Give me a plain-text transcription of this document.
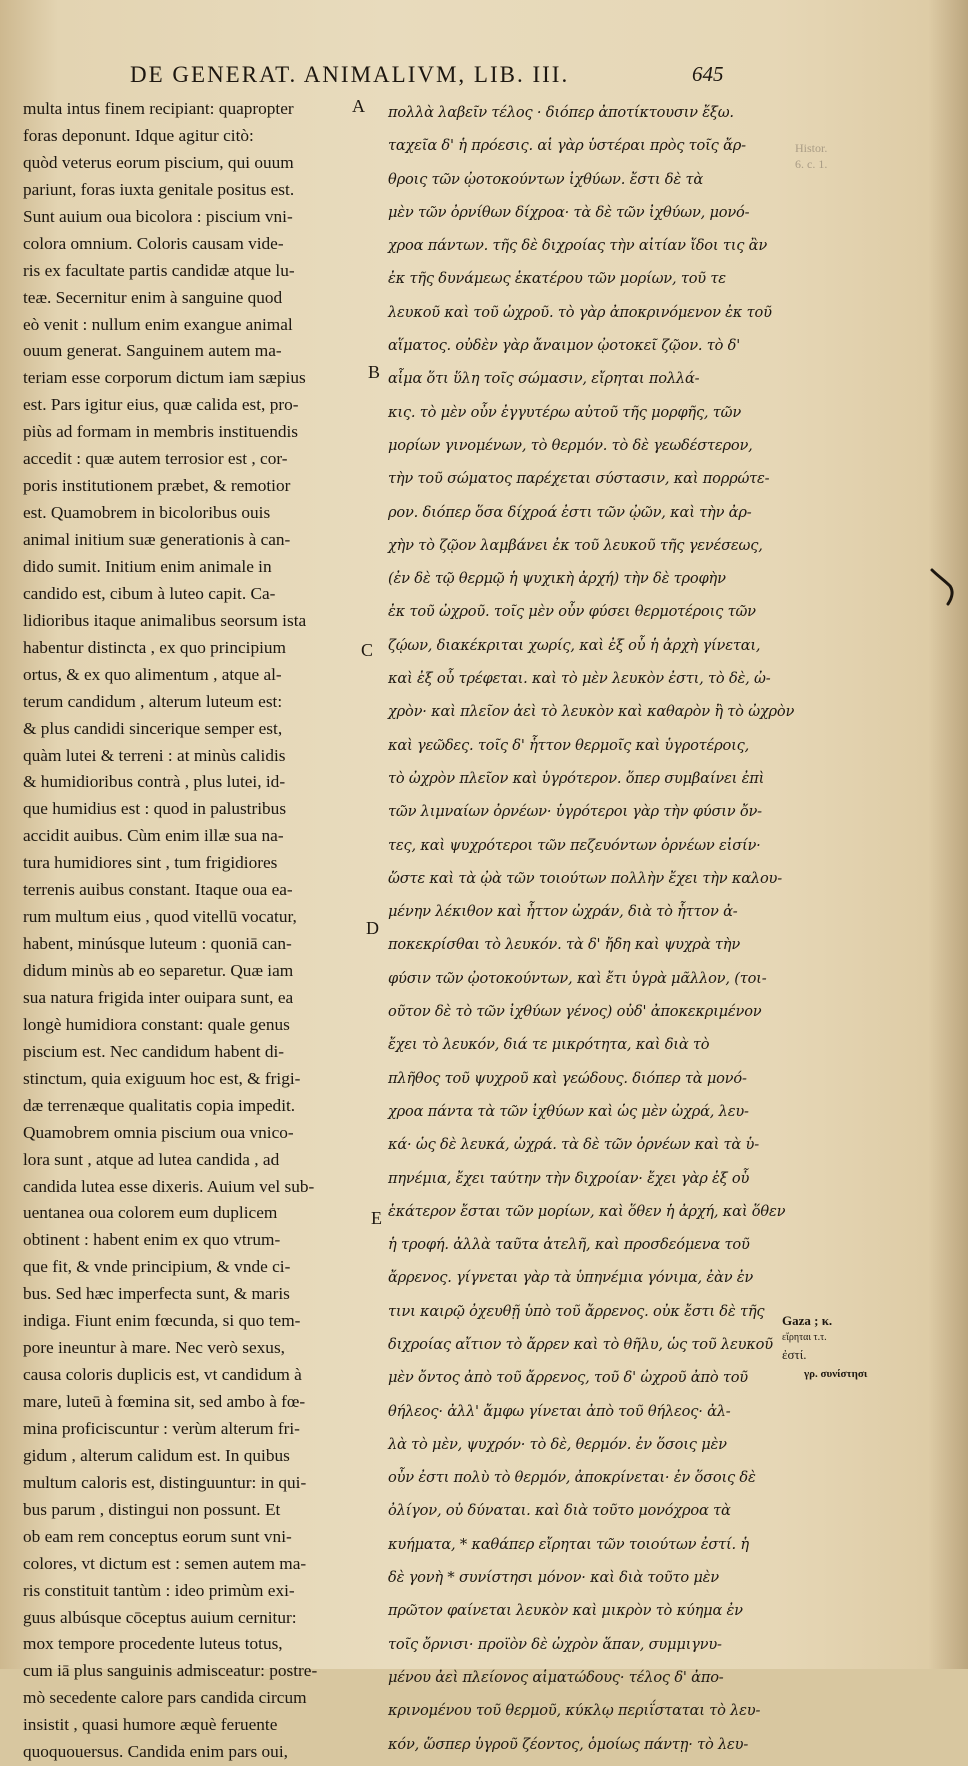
DE GENERAT. ANIMALIVM, LIB. III.	645
multa intus finem recipiant: quapropter
foras deponunt. Idque agitur citò:
quòd veterus eorum piscium, qui ouum
pariunt, foras iuxta genitale positus est.
Sunt auium oua bicolora : piscium vni-
colora omnium. Coloris causam vide-
ris ex facultate partis candidæ atque lu-
teæ. Secernitur enim à sanguine quod
eò venit : nullum enim exangue animal
ouum generat. Sanguinem autem ma-
teriam esse corporum dictum iam sæpius
est. Pars igitur eius, quæ calida est, pro-
piùs ad formam in membris instituendis
accedit : quæ autem terrosior est , cor-
poris institutionem præbet, & remotior
est. Quamobrem in bicoloribus ouis
animal initium suæ generationis à can-
dido sumit. Initium enim animale in
candido est, cibum à luteo capit. Ca-
lidioribus itaque animalibus seorsum ista
habentur distincta , ex quo principium
ortus, & ex quo alimentum , atque al-
terum candidum , alterum luteum est:
& plus candidi sincerique semper est,
quàm lutei & terreni : at minùs calidis
& humidioribus contrà , plus lutei, id-
que humidius est : quod in palustribus
accidit auibus. Cùm enim illæ sua na-
tura humidiores sint , tum frigidiores
terrenis auibus constant. Itaque oua ea-
rum multum eius , quod vitellū vocatur,
habent, minúsque luteum : quoniā can-
didum minùs ab eo separetur. Quæ iam
sua natura frigida inter ouipara sunt, ea
longè humidiora constant: quale genus
piscium est. Nec candidum habent di-
stinctum, quia exiguum hoc est, & frigi-
dæ terrenæque qualitatis copia impedit.
Quamobrem omnia piscium oua vnico-
lora sunt , atque ad lutea candida , ad
candida lutea esse dixeris. Auium vel sub-
uentanea oua colorem eum duplicem
obtinent : habent enim ex quo vtrum-
que fit, & vnde principium, & vnde ci-
bus. Sed hæc imperfecta sunt, & maris
indiga. Fiunt enim fœcunda, si quo tem-
pore ineuntur à mare. Nec verò sexus,
causa coloris duplicis est, vt candidum à
mare, luteū à fœmina sit, sed ambo à fœ-
mina proficiscuntur : verùm alterum fri-
gidum , alterum calidum est. In quibus
multum caloris est, distinguuntur: in qui-
bus parum , distingui non possunt. Et
ob eam rem conceptus eorum sunt vni-
colores, vt dictum est : semen autem ma-
ris constituit tantùm : ideo primùm exi-
guus albúsque cōceptus auium cernitur:
mox tempore procedente luteus totus,
cum iā plus sanguinis admisceatur: postre-
mò secedente calore pars candida circum
insistit , quasi humore æquè feruente
quoquouersus. Candida enim pars oui,
πολλὰ λαβεῖν τέλος · διόπερ ἀποτίκτουσιν ἔξω.
ταχεῖα δ' ἡ πρόεσις. αἱ γὰρ ὑστέραι πρὸς τοῖς ἄρ-
θροις τῶν ᾠοτοκούντων ἰχθύων. ἔστι δὲ τὰ
μὲν τῶν ὀρνίθων δίχροα· τὰ δὲ τῶν ἰχθύων, μονό-
χροα πάντων. τῆς δὲ διχροίας τὴν αἰτίαν ἴδοι τις ἂν
ἐκ τῆς δυνάμεως ἑκατέρου τῶν μορίων, τοῦ τε
λευκοῦ καὶ τοῦ ὠχροῦ. τὸ γὰρ ἀποκρινόμενον ἐκ τοῦ
αἵματος. οὐδὲν γὰρ ἄναιμον ᾠοτοκεῖ ζῷον. τὸ δ'
αἷμα ὅτι ὕλη τοῖς σώμασιν, εἴρηται πολλά-
κις. τὸ μὲν οὖν ἐγγυτέρω αὐτοῦ τῆς μορφῆς, τῶν
μορίων γινομένων, τὸ θερμόν. τὸ δὲ γεωδέστερον,
τὴν τοῦ σώματος παρέχεται σύστασιν, καὶ πορρώτε-
ρον. διόπερ ὅσα δίχροά ἐστι τῶν ᾠῶν, καὶ τὴν ἀρ-
χὴν τὸ ζῷον λαμβάνει ἐκ τοῦ λευκοῦ τῆς γενέσεως,
(ἐν δὲ τῷ θερμῷ ἡ ψυχικὴ ἀρχή) τὴν δὲ τροφὴν
ἐκ τοῦ ὠχροῦ. τοῖς μὲν οὖν φύσει θερμοτέροις τῶν
ζῴων, διακέκριται χωρίς, καὶ ἐξ οὗ ἡ ἀρχὴ γίνεται,
καὶ ἐξ οὗ τρέφεται. καὶ τὸ μὲν λευκὸν ἐστι, τὸ δὲ, ὠ-
χρὸν· καὶ πλεῖον ἀεὶ τὸ λευκὸν καὶ καθαρὸν ἢ τὸ ὠχρὸν
καὶ γεῶδες. τοῖς δ' ἧττον θερμοῖς καὶ ὑγροτέροις,
τὸ ὠχρὸν πλεῖον καὶ ὑγρότερον. ὅπερ συμβαίνει ἐπὶ
τῶν λιμναίων ὀρνέων· ὑγρότεροι γὰρ τὴν φύσιν ὄν-
τες, καὶ ψυχρότεροι τῶν πεζευόντων ὀρνέων εἰσίν·
ὥστε καὶ τὰ ᾠὰ τῶν τοιούτων πολλὴν ἔχει τὴν καλου-
μένην λέκιθον καὶ ἧττον ὠχράν, διὰ τὸ ἧττον ἀ-
ποκεκρίσθαι τὸ λευκόν. τὰ δ' ἤδη καὶ ψυχρὰ τὴν
φύσιν τῶν ᾠοτοκούντων, καὶ ἔτι ὑγρὰ μᾶλλον, (τοι-
οῦτον δὲ τὸ τῶν ἰχθύων γένος) οὐδ' ἀποκεκριμένον
ἔχει τὸ λευκόν, διά τε μικρότητα, καὶ διὰ τὸ
πλῆθος τοῦ ψυχροῦ καὶ γεώδους. διόπερ τὰ μονό-
χροα πάντα τὰ τῶν ἰχθύων καὶ ὡς μὲν ὠχρά, λευ-
κά· ὡς δὲ λευκά, ὠχρά. τὰ δὲ τῶν ὀρνέων καὶ τὰ ὑ-
πηνέμια, ἔχει ταύτην τὴν διχροίαν· ἔχει γὰρ ἐξ οὗ
ἑκάτερον ἔσται τῶν μορίων, καὶ ὅθεν ἡ ἀρχή, καὶ ὅθεν
ἡ τροφή. ἀλλὰ ταῦτα ἀτελῆ, καὶ προσδεόμενα τοῦ
ἄρρενος. γίγνεται γὰρ τὰ ὑπηνέμια γόνιμα, ἐὰν ἐν
τινι καιρῷ ὀχευθῇ ὑπὸ τοῦ ἄρρενος. οὐκ ἔστι δὲ τῆς
διχροίας αἴτιον τὸ ἄρρεν καὶ τὸ θῆλυ, ὡς τοῦ λευκοῦ
μὲν ὄντος ἀπὸ τοῦ ἄρρενος, τοῦ δ' ὠχροῦ ἀπὸ τοῦ
θήλεος· ἀλλ' ἄμφω γίνεται ἀπὸ τοῦ θήλεος· ἀλ-
λὰ τὸ μὲν, ψυχρόν· τὸ δὲ, θερμόν. ἐν ὅσοις μὲν
οὖν ἐστι πολὺ τὸ θερμόν, ἀποκρίνεται· ἐν ὅσοις δὲ
ὀλίγον, οὐ δύναται. καὶ διὰ τοῦτο μονόχροα τὰ
κυήματα, * καθάπερ εἴρηται τῶν τοιούτων ἐστί. ἡ
δὲ γονὴ * συνίστησι μόνον· καὶ διὰ τοῦτο μὲν
πρῶτον φαίνεται λευκὸν καὶ μικρὸν τὸ κύημα ἐν
τοῖς ὄρνισι· προϊὸν δὲ ὠχρὸν ἅπαν, συμμιγνυ-
μένου ἀεὶ πλείονος αἱματώδους· τέλος δ' ἀπο-
κρινομένου τοῦ θερμοῦ, κύκλῳ περιΐσταται τὸ λευ-
κόν, ὥσπερ ὑγροῦ ζέοντος, ὁμοίως πάντῃ· τὸ λευ-
A
B
C
D
E
Histor.
6. c. 1.
Gaza ; κ.
εἴρηται τ.τ.
ἐστί.
γρ. συνίστησι
